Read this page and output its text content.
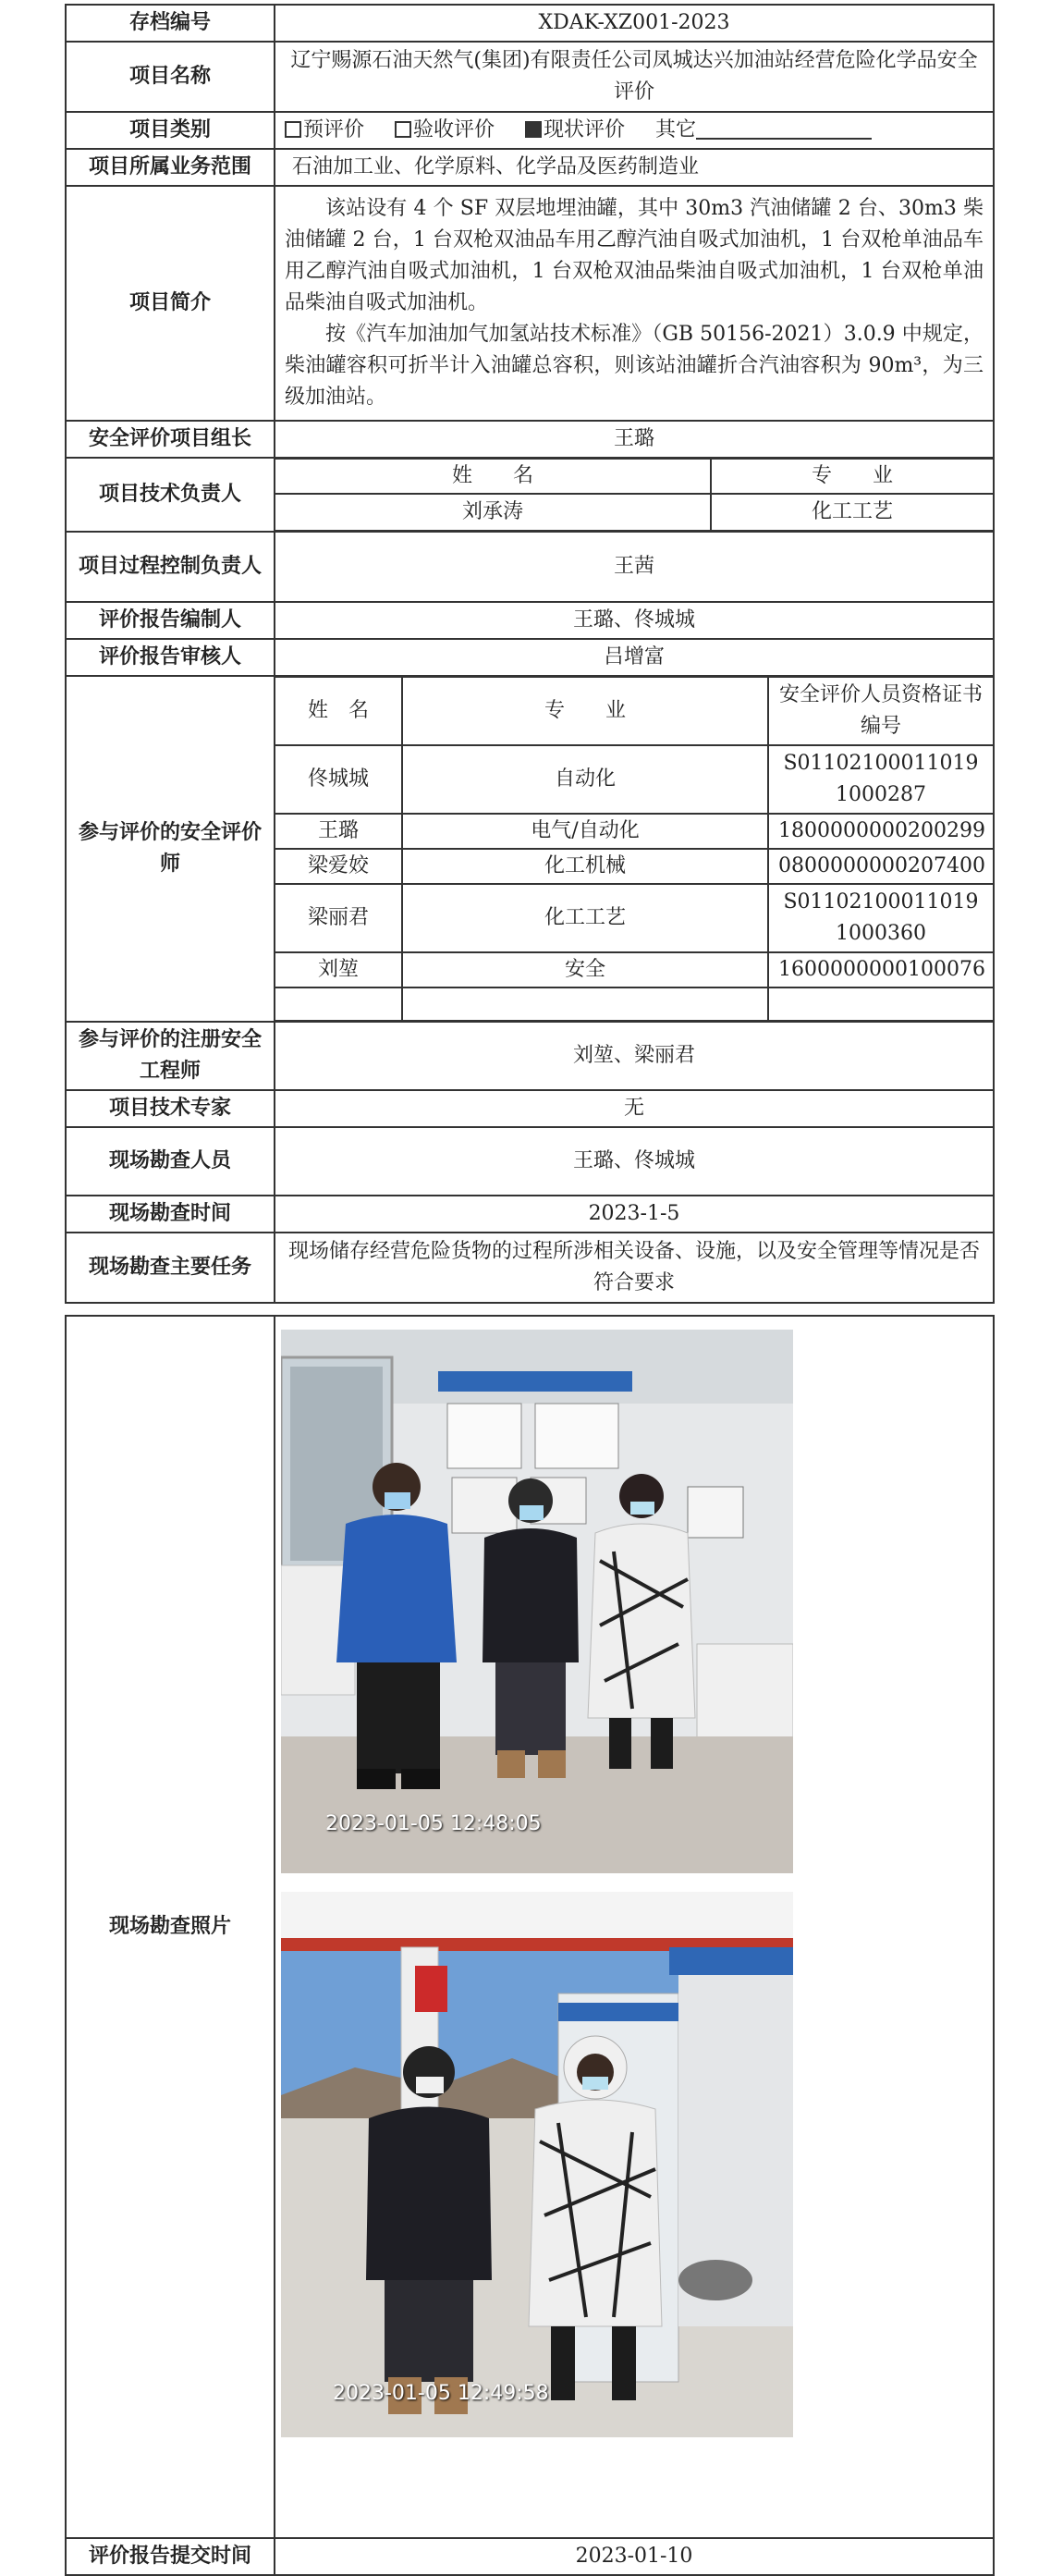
存档编号	XDAK-XZ001-2023
项目名称	辽宁赐源石油天然气(集团)有限责任公司凤城达兴加油站经营危险化学品安全评价
项目类别	预评价 验收评价 现状评价 其它
项目所属业务范围	石油加工业、化学原料、化学品及医药制造业
项目简介	
该站设有 4 个 SF 双层地埋油罐，其中 30m3 汽油储罐 2 台、30m3 柴油储罐 2 台，1 台双枪双油品车用乙醇汽油自吸式加油机，1 台双枪单油品车用乙醇汽油自吸式加油机，1 台双枪双油品柴油自吸式加油机，1 台双枪单油品柴油自吸式加油机。
按《汽车加油加气加氢站技术标准》（GB 50156-2021）3.0.9 中规定，柴油罐容积可折半计入油罐总容积，则该站油罐折合汽油容积为 90m³，为三级加油站。

安全评价项目组长	王璐
项目技术负责人	
姓　　名	专　　业
刘承涛	化工工艺

项目过程控制负责人	王茜
评价报告编制人	王璐、佟城城
评价报告审核人	吕增富
参与评价的安全评价师	
姓　名	专　　业	安全评价人员资格证书编号
佟城城	自动化	S011021000110191000287
王璐	电气/自动化	1800000000200299
梁爱姣	化工机械	0800000000207400
梁丽君	化工工艺	S011021000110191000360
刘堃	安全	1600000000100076

参与评价的注册安全工程师	刘堃、梁丽君
项目技术专家	无
现场勘查人员	王璐、佟城城
现场勘查时间	2023-1-5
现场勘查主要任务	现场储存经营危险货物的过程所涉相关设备、设施，以及安全管理等情况是否符合要求
现场勘查照片	2023-01-05 12:48:05
2023-01-05 12:49:58

评价报告提交时间	2023-01-10
